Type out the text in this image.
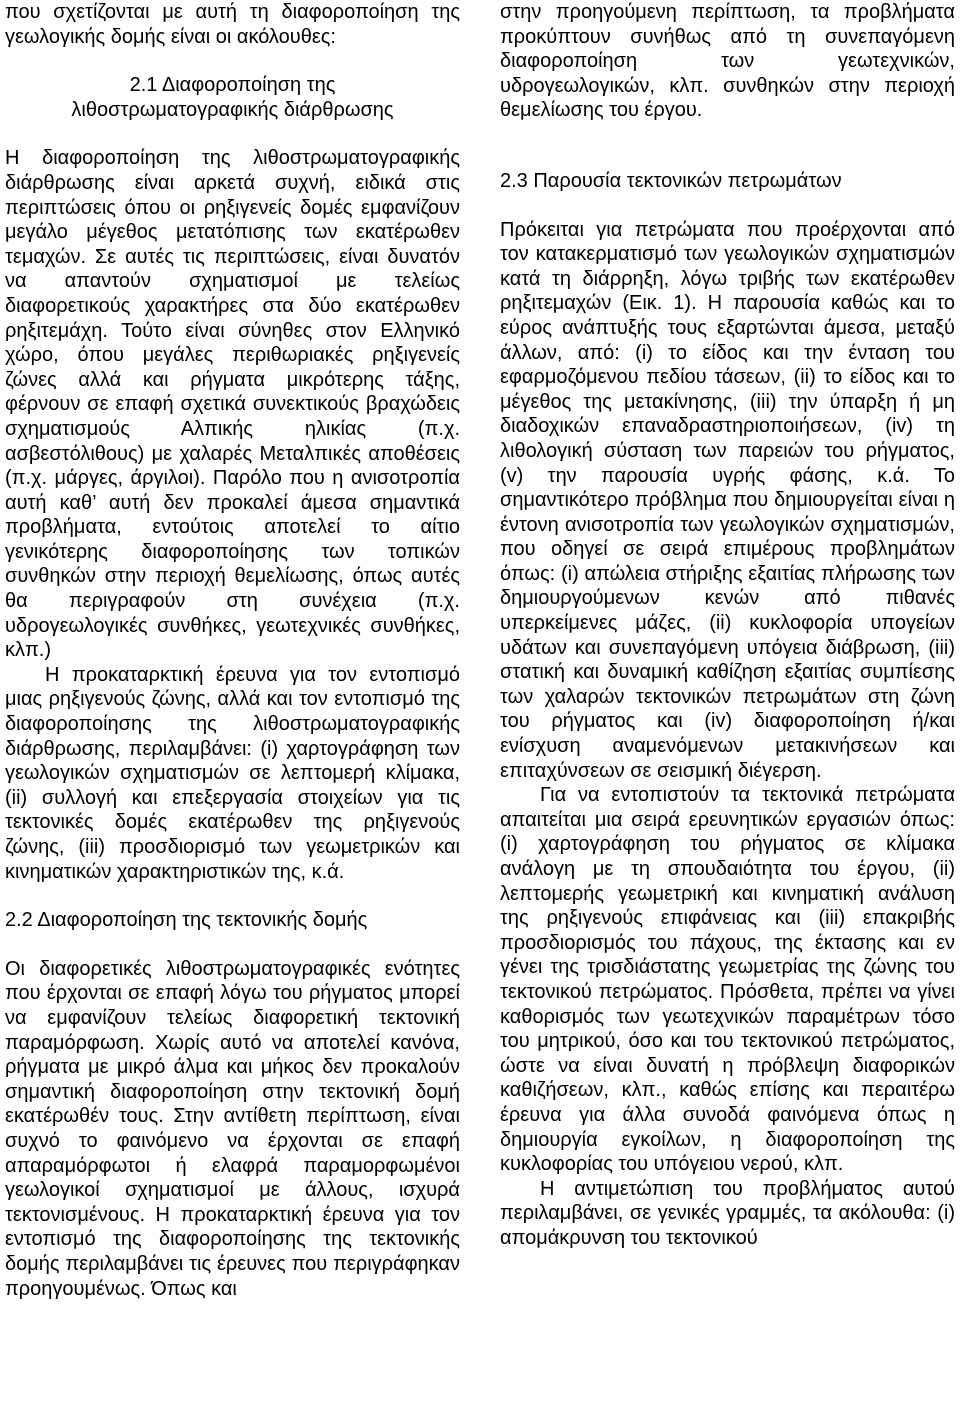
που σχετίζονται με αυτή τη διαφοροποίηση της γεωλογικής δομής είναι οι ακόλουθες:

2.1 Διαφοροποίηση της

λιθοστρωματογραφικής διάρθρωσης

Η διαφοροποίηση της λιθοστρωματογραφικής διάρθρωσης είναι αρκετά συχνή, ειδικά στις περιπτώσεις όπου οι ρηξιγενείς δομές εμφανίζουν μεγάλο μέγεθος μετατόπισης των εκατέρωθεν τεμαχών. Σε αυτές τις περιπτώσεις, είναι δυνατόν να απαντούν σχηματισμοί με τελείως διαφορετικούς χαρακτήρες στα δύο εκατέρωθεν ρηξιτεμάχη. Τούτο είναι σύνηθες στον Ελληνικό χώρο, όπου μεγάλες περιθωριακές ρηξιγενείς ζώνες αλλά και ρήγματα μικρότερης τάξης, φέρνουν σε επαφή σχετικά συνεκτικούς βραχώδεις σχηματισμούς Αλπικής ηλικίας (π.χ. ασβεστόλιθους) με χαλαρές Μεταλπικές αποθέσεις (π.χ. μάργες, άργιλοι). Παρόλο που η ανισοτροπία αυτή καθ’ αυτή δεν προκαλεί άμεσα σημαντικά προβλήματα, εντούτοις αποτελεί το αίτιο γενικότερης διαφοροποίησης των τοπικών συνθηκών στην περιοχή θεμελίωσης, όπως αυτές θα περιγραφούν στη συνέχεια (π.χ. υδρογεωλογικές συνθήκες, γεωτεχνικές συνθήκες, κλπ.)

Η προκαταρκτική έρευνα για τον εντοπισμό μιας ρηξιγενούς ζώνης, αλλά και τον εντοπισμό της διαφοροποίησης της λιθοστρωματογραφικής διάρθρωσης, περιλαμβάνει: (i) χαρτογράφηση των γεωλογικών σχηματισμών σε λεπτομερή κλίμακα, (ii) συλλογή και επεξεργασία στοιχείων για τις τεκτονικές δομές εκατέρωθεν της ρηξιγενούς ζώνης, (iii) προσδιορισμό των γεωμετρικών και κινηματικών χαρακτηριστικών της, κ.ά.

2.2 Διαφοροποίηση της τεκτονικής δομής

Οι διαφορετικές λιθοστρωματογραφικές ενότητες που έρχονται σε επαφή λόγω του ρήγματος μπορεί να εμφανίζουν τελείως διαφορετική τεκτονική παραμόρφωση. Χωρίς αυτό να αποτελεί κανόνα, ρήγματα με μικρό άλμα και μήκος δεν προκαλούν σημαντική διαφοροποίηση στην τεκτονική δομή εκατέρωθέν τους. Στην αντίθετη περίπτωση, είναι συχνό το φαινόμενο να έρχονται σε επαφή απαραμόρφωτοι ή ελαφρά παραμορφωμένοι γεωλογικοί σχηματισμοί με άλλους, ισχυρά τεκτονισμένους. Η προκαταρκτική έρευνα για τον εντοπισμό της διαφοροποίησης της τεκτονικής δομής περιλαμβάνει τις έρευνες που περιγράφηκαν προηγουμένως. Όπως και

στην προηγούμενη περίπτωση, τα προβλήματα προκύπτουν συνήθως από τη συνεπαγόμενη διαφοροποίηση των γεωτεχνικών, υδρογεωλογικών, κλπ. συνθηκών στην περιοχή θεμελίωσης του έργου.

2.3 Παρουσία τεκτονικών πετρωμάτων

Πρόκειται για πετρώματα που προέρχονται από τον κατακερματισμό των γεωλογικών σχηματισμών κατά τη διάρρηξη, λόγω τριβής των εκατέρωθεν ρηξιτεμαχών (Εικ. 1). Η παρουσία καθώς και το εύρος ανάπτυξής τους εξαρτώνται άμεσα, μεταξύ άλλων, από: (i) το είδος και την ένταση του εφαρμοζόμενου πεδίου τάσεων, (ii) το είδος και το μέγεθος της μετακίνησης, (iii) την ύπαρξη ή μη διαδοχικών επαναδραστηριοποιήσεων, (iv) τη λιθολογική σύσταση των παρειών του ρήγματος, (v) την παρουσία υγρής φάσης, κ.ά. Το σημαντικότερο πρόβλημα που δημιουργείται είναι η έντονη ανισοτροπία των γεωλογικών σχηματισμών, που οδηγεί σε σειρά επιμέρους προβλημάτων όπως: (i) απώλεια στήριξης εξαιτίας πλήρωσης των δημιουργούμενων κενών από πιθανές υπερκείμενες μάζες, (ii) κυκλοφορία υπογείων υδάτων και συνεπαγόμενη υπόγεια διάβρωση, (iii) στατική και δυναμική καθίζηση εξαιτίας συμπίεσης των χαλαρών τεκτονικών πετρωμάτων στη ζώνη του ρήγματος και (iv) διαφοροποίηση ή/και ενίσχυση αναμενόμενων μετακινήσεων και επιταχύνσεων σε σεισμική διέγερση.

Για να εντοπιστούν τα τεκτονικά πετρώματα απαιτείται μια σειρά ερευνητικών εργασιών όπως: (i) χαρτογράφηση του ρήγματος σε κλίμακα ανάλογη με τη σπουδαιότητα του έργου, (ii) λεπτομερής γεωμετρική και κινηματική ανάλυση της ρηξιγενούς επιφάνειας και (iii) επακριβής προσδιορισμός του πάχους, της έκτασης και εν γένει της τρισδιάστατης γεωμετρίας της ζώνης του τεκτονικού πετρώματος. Πρόσθετα, πρέπει να γίνει καθορισμός των γεωτεχνικών παραμέτρων τόσο του μητρικού, όσο και του τεκτονικού πετρώματος, ώστε να είναι δυνατή η πρόβλεψη διαφορικών καθιζήσεων, κλπ., καθώς επίσης και περαιτέρω έρευνα για άλλα συνοδά φαινόμενα όπως η δημιουργία εγκοίλων, η διαφοροποίηση της κυκλοφορίας του υπόγειου νερού, κλπ.

Η αντιμετώπιση του προβλήματος αυτού περιλαμβάνει, σε γενικές γραμμές, τα ακόλουθα: (i) απομάκρυνση του τεκτονικού
